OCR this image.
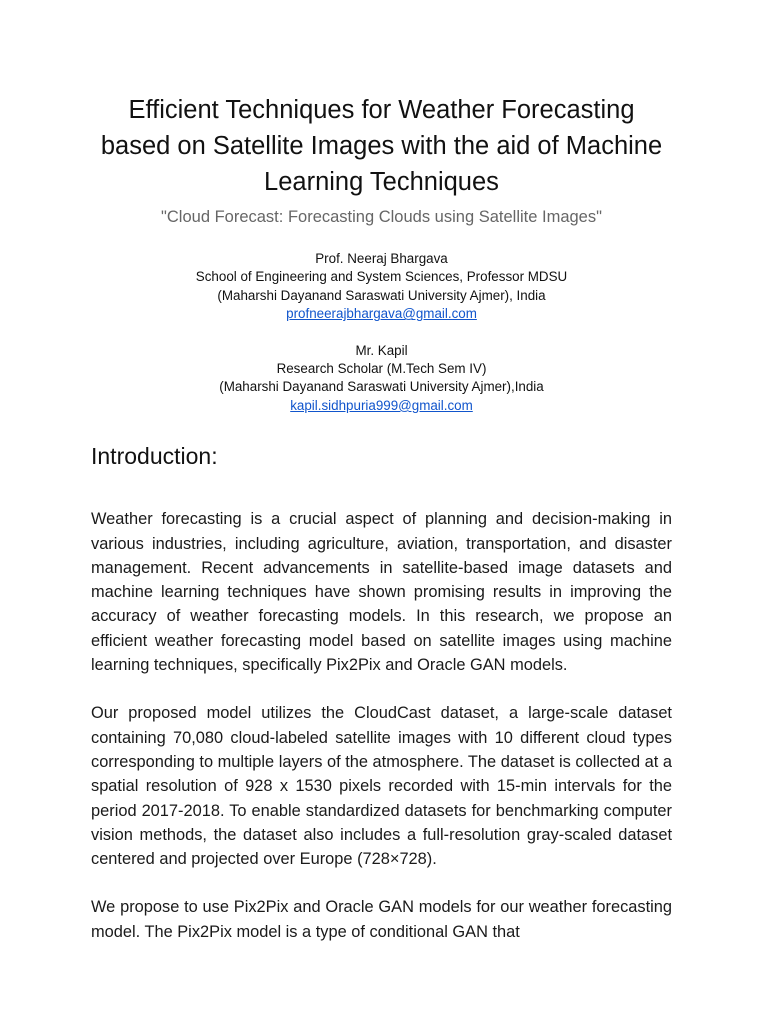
Efficient Techniques for Weather Forecasting based on Satellite Images with the aid of Machine Learning Techniques

"Cloud Forecast: Forecasting Clouds using Satellite Images"

Prof. Neeraj Bhargava
School of Engineering and System Sciences, Professor MDSU
(Maharshi Dayanand Saraswati University Ajmer), India
profneerajbhargava@gmail.com
Mr. Kapil
Research Scholar (M.Tech Sem IV)
(Maharshi Dayanand Saraswati University Ajmer),India
kapil.sidhpuria999@gmail.com
Introduction:

Weather forecasting is a crucial aspect of planning and decision-making in various industries, including agriculture, aviation, transportation, and disaster management. Recent advancements in satellite-based image datasets and machine learning techniques have shown promising results in improving the accuracy of weather forecasting models. In this research, we propose an efficient weather forecasting model based on satellite images using machine learning techniques, specifically Pix2Pix and Oracle GAN models.

Our proposed model utilizes the CloudCast dataset, a large-scale dataset containing 70,080 cloud-labeled satellite images with 10 different cloud types corresponding to multiple layers of the atmosphere. The dataset is collected at a spatial resolution of 928 x 1530 pixels recorded with 15-min intervals for the period 2017-2018. To enable standardized datasets for benchmarking computer vision methods, the dataset also includes a full-resolution gray-scaled dataset centered and projected over Europe (728×728).

We propose to use Pix2Pix and Oracle GAN models for our weather forecasting model. The Pix2Pix model is a type of conditional GAN that
